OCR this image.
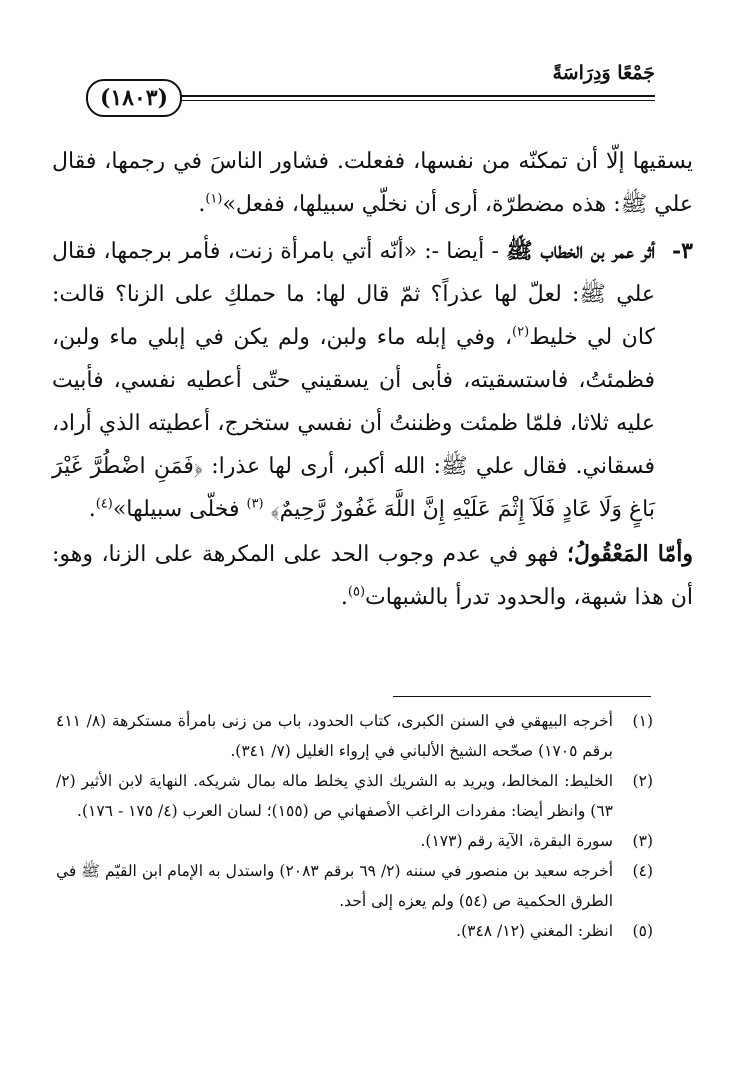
جَمْعًا وَدِرَاسَةً
(١٨٠٣)

يسقيها إلّا أن تمكنّه من نفسها، ففعلت. فشاور الناسَ في رجمها، فقال علي ﷺ: هذه مضطرّة، أرى أن نخلّي سبيلها، ففعل»$^{(١)}$.

٣-
أثر عمر بن الخطاب ﷺ - أيضا -: «أنّه أتي بامرأة زنت، فأمر برجمها، فقال علي ﷺ: لعلّ لها عذراً؟ ثمّ قال لها: ما حملكِ على الزنا؟ قالت: كان لي خليط$^{(٢)}$، وفي إبله ماء ولبن، ولم يكن في إبلي ماء ولبن، فظمئتُ، فاستسقيته، فأبى أن يسقيني حتّى أعطيه نفسي، فأبيت عليه ثلاثا، فلمّا ظمئت وظننتُ أن نفسي ستخرج، أعطيته الذي أراد، فسقاني. فقال علي ﷺ: الله أكبر، أرى لها عذرا: ﴿فَمَنِ اضْطُرَّ غَيْرَ بَاغٍ وَلَا عَادٍ فَلَآ إِثْمَ عَلَيْهِ إِنَّ اللَّهَ غَفُورٌ رَّحِيمٌ﴾ $^{(٣)}$ فخلّى سبيلها»$^{(٤)}$.

وأمّا المَعْقُولُ؛ فهو في عدم وجوب الحد على المكرهة على الزنا، وهو: أن هذا شبهة، والحدود تدرأ بالشبهات$^{(٥)}$.

(١)
أخرجه البيهقي في السنن الكبرى، كتاب الحدود، باب من زنى بامرأة مستكرهة (٨/ ٤١١ برقم ١٧٠٥) صحّحه الشيخ الألباني في إرواء الغليل (٧/ ٣٤١).

(٢)
الخليط: المخالط، ويريد به الشريك الذي يخلط ماله بمال شريكه. النهاية لابن الأثير (٢/ ٦٣) وانظر أيضا: مفردات الراغب الأصفهاني ص (١٥٥)؛ لسان العرب (٤/ ١٧٥ - ١٧٦).

(٣)
سورة البقرة، الآية رقم (١٧٣).

(٤)
أخرجه سعيد بن منصور في سننه (٢/ ٦٩ برقم ٢٠٨٣) واستدل به الإمام ابن القيّم ﷺ في الطرق الحكمية ص (٥٤) ولم يعزه إلى أحد.

(٥)
انظر: المغني (١٢/ ٣٤٨).
